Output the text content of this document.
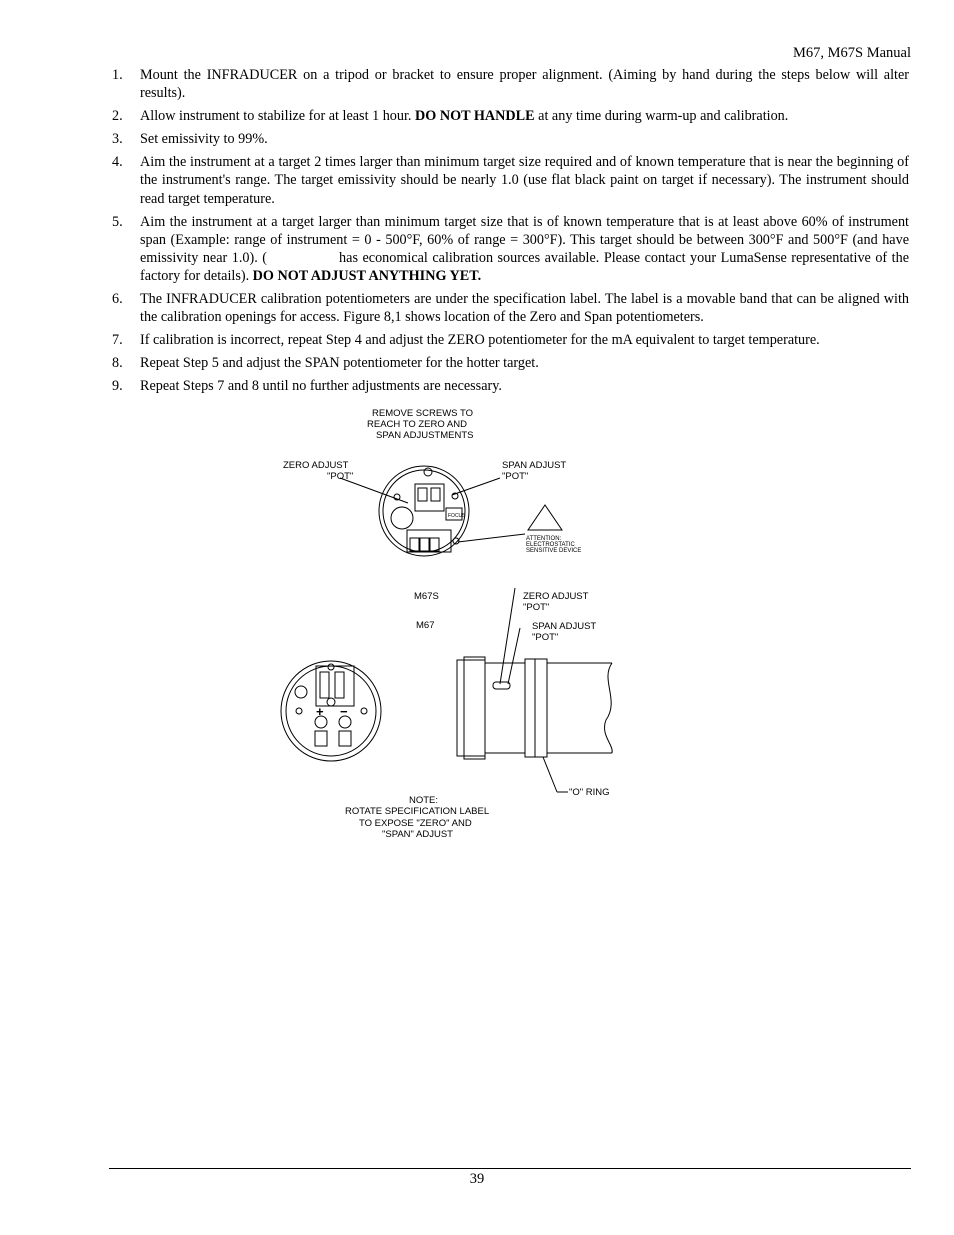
M67, M67S Manual
1. Mount the INFRADUCER on a tripod or bracket to ensure proper alignment. (Aiming by hand during the steps below will alter results).
2. Allow instrument to stabilize for at least 1 hour. DO NOT HANDLE at any time during warm-up and calibration.
3. Set emissivity to 99%.
4. Aim the instrument at a target 2 times larger than minimum target size required and of known temperature that is near the beginning of the instrument's range. The target emissivity should be nearly 1.0 (use flat black paint on target if necessary). The instrument should read target temperature.
5. Aim the instrument at a target larger than minimum target size that is of known temperature that is at least above 60% of instrument span (Example: range of instrument = 0 - 500°F, 60% of range = 300°F). This target should be between 300°F and 500°F (and have emissivity near 1.0). (                has economical calibration sources available. Please contact your LumaSense representative of the factory for details). DO NOT ADJUST ANYTHING YET.
6. The INFRADUCER calibration potentiometers are under the specification label. The label is a movable band that can be aligned with the calibration openings for access. Figure 8,1 shows location of the Zero and Span potentiometers.
7. If calibration is incorrect, repeat Step 4 and adjust the ZERO potentiometer for the mA equivalent to target temperature.
8. Repeat Step 5 and adjust the SPAN potentiometer for the hotter target.
9. Repeat Steps 7 and 8 until no further adjustments are necessary.
REMOVE SCREWS TO
REACH TO ZERO AND
SPAN ADJUSTMENTS
ZERO ADJUST
"POT"
SPAN ADJUST
"POT"
FOCUS
ATTENTION:
ELECTROSTATIC
SENSITIVE DEVICE
M67S
M67
ZERO ADJUST
"POT"
SPAN ADJUST
"POT"
+ −
"O" RING
NOTE:
ROTATE SPECIFICATION LABEL
TO EXPOSE "ZERO" AND
"SPAN" ADJUST
39
